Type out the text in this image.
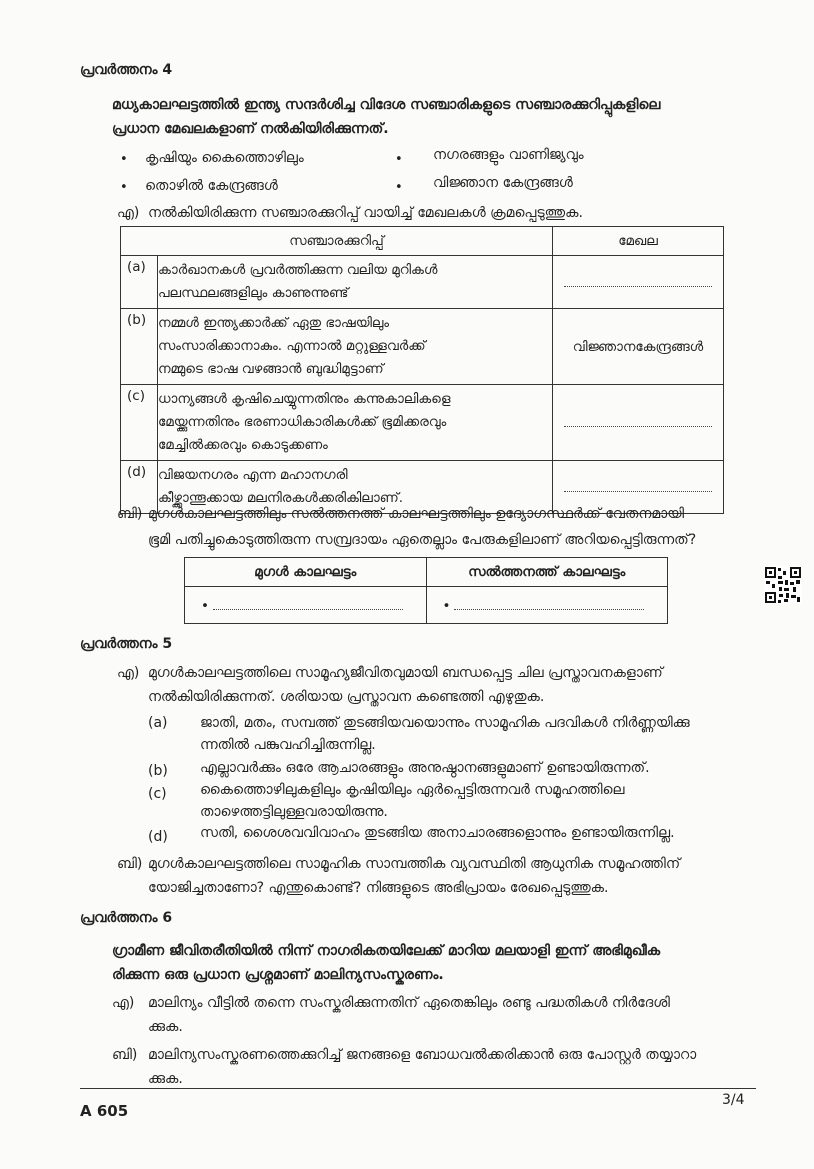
പ്രവർത്തനം 4
മധ്യകാലഘട്ടത്തിൽ ഇന്ത്യ സന്ദർശിച്ച വിദേശ സഞ്ചാരികളുടെ സഞ്ചാരക്കുറിപ്പുകളിലെ
പ്രധാന മേഖലകളാണ് നൽകിയിരിക്കുന്നത്.
• കൃഷിയും കൈത്തൊഴിലും	• നഗരങ്ങളും വാണിജ്യവും
• തൊഴിൽ കേന്ദ്രങ്ങൾ	• വിജ്ഞാന കേന്ദ്രങ്ങൾ
എ) നൽകിയിരിക്കുന്ന സഞ്ചാരക്കുറിപ്പ് വായിച്ച് മേഖലകൾ ക്രമപ്പെടുത്തുക.
സഞ്ചാരക്കുറിപ്പ്		മേഖല
(a)	കാർഖാനകൾ പ്രവർത്തിക്കുന്ന വലിയ മുറികൾ
പലസ്ഥലങ്ങളിലും കാണുന്നുണ്ട്	

(b)	നമ്മൾ ഇന്ത്യക്കാർക്ക് ഏതു ഭാഷയിലും
സംസാരിക്കാനാകും. എന്നാൽ മറ്റുള്ളവർക്ക്
നമ്മുടെ ഭാഷ വഴങ്ങാൻ ബുദ്ധിമുട്ടാണ്	വിജ്ഞാനകേന്ദ്രങ്ങൾ
(c)	ധാന്യങ്ങൾ കൃഷിചെയ്യുന്നതിനും കന്നുകാലികളെ
മേയ്ക്കുന്നതിനും ഭരണാധികാരികൾക്ക് ഭൂമിക്കരവും
മേച്ചിൽക്കരവും കൊടുക്കണം	

(d)	വിജയനഗരം എന്ന മഹാനഗരി
കീഴ്ക്കാന്തൂക്കായ മലനിരകൾക്കരികിലാണ്.	

ബി) മുഗൾകാലഘട്ടത്തിലും സൽത്തനത്ത് കാലഘട്ടത്തിലും ഉദ്യോഗസ്ഥർക്ക് വേതനമായി
ഭൂമി പതിച്ചുകൊടുത്തിരുന്ന സമ്പ്രദായം ഏതെല്ലാം പേരുകളിലാണ് അറിയപ്പെട്ടിരുന്നത്?
മുഗൾ കാലഘട്ടം	സൽത്തനത്ത് കാലഘട്ടം
•	•
പ്രവർത്തനം 5
എ) മുഗൾകാലഘട്ടത്തിലെ സാമൂഹ്യജീവിതവുമായി ബന്ധപ്പെട്ട ചില പ്രസ്താവനകളാണ്
നൽകിയിരിക്കുന്നത്. ശരിയായ പ്രസ്താവന കണ്ടെത്തി എഴുതുക.
(a) ജാതി, മതം, സമ്പത്ത് തുടങ്ങിയവയൊന്നും സാമൂഹിക പദവികൾ നിർണ്ണയിക്കു
ന്നതിൽ പങ്കുവഹിച്ചിരുന്നില്ല.
(b) എല്ലാവർക്കും ഒരേ ആചാരങ്ങളും അനുഷ്ഠാനങ്ങളുമാണ് ഉണ്ടായിരുന്നത്.
(c) കൈത്തൊഴിലുകളിലും കൃഷിയിലും ഏർപ്പെട്ടിരുന്നവർ സമൂഹത്തിലെ
താഴെത്തട്ടിലുള്ളവരായിരുന്നു.
(d) സതി, ശൈശവവിവാഹം തുടങ്ങിയ അനാചാരങ്ങളൊന്നും ഉണ്ടായിരുന്നില്ല.
ബി) മുഗൾകാലഘട്ടത്തിലെ സാമൂഹിക സാമ്പത്തിക വ്യവസ്ഥിതി ആധുനിക സമൂഹത്തിന്
യോജിച്ചതാണോ? എന്തുകൊണ്ട്? നിങ്ങളുടെ അഭിപ്രായം രേഖപ്പെടുത്തുക.
പ്രവർത്തനം 6
ഗ്രാമീണ ജീവിതരീതിയിൽ നിന്ന് നാഗരികതയിലേക്ക് മാറിയ മലയാളി ഇന്ന് അഭിമുഖീക
രിക്കുന്ന ഒരു പ്രധാന പ്രശ്നമാണ് മാലിന്യസംസ്കരണം.
എ) മാലിന്യം വീട്ടിൽ തന്നെ സംസ്കരിക്കുന്നതിന് ഏതെങ്കിലും രണ്ടു പദ്ധതികൾ നിർദേശി
ക്കുക.
ബി) മാലിന്യസംസ്കരണത്തെക്കുറിച്ച് ജനങ്ങളെ ബോധവൽക്കരിക്കാൻ ഒരു പോസ്റ്റർ തയ്യാറാ
ക്കുക.
A 605
3/4
